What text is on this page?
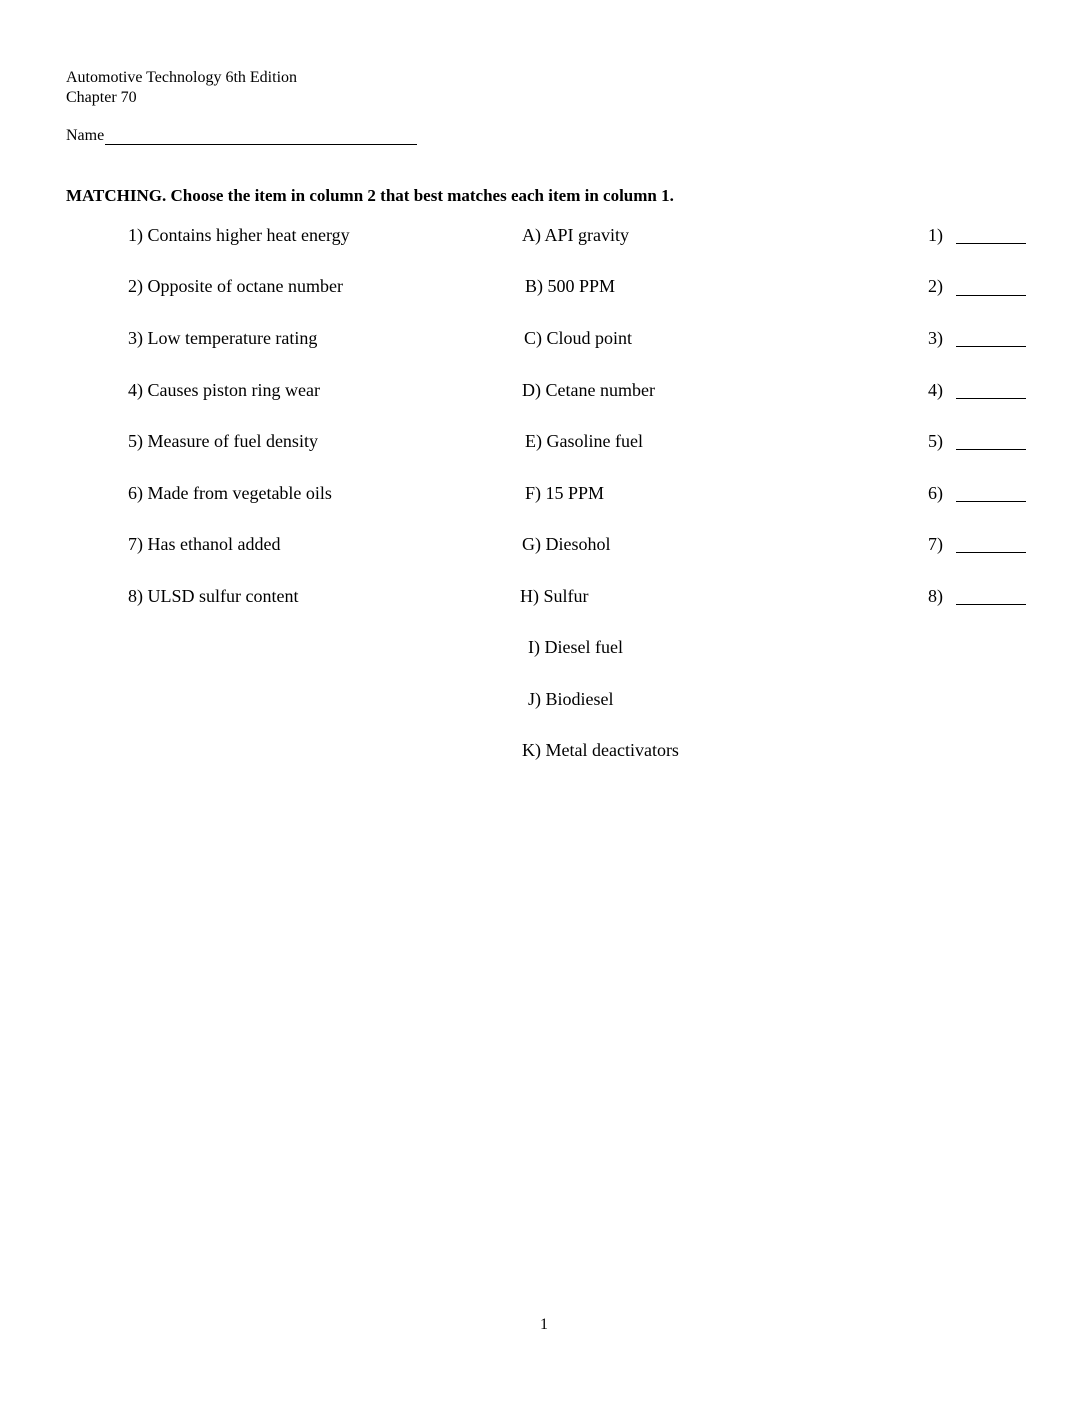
Automotive Technology 6th Edition
Chapter 70
Name
MATCHING. Choose the item in column 2 that best matches each item in column 1.
1) Contains higher heat energy
2) Opposite of octane number
3) Low temperature rating
4) Causes piston ring wear
5) Measure of fuel density
6) Made from vegetable oils
7) Has ethanol added
8) ULSD sulfur content
A) API gravity
B) 500 PPM
C) Cloud point
D) Cetane number
E) Gasoline fuel
F) 15 PPM
G) Diesohol
H) Sulfur
I) Diesel fuel
J) Biodiesel
K) Metal deactivators
1)
2)
3)
4)
5)
6)
7)
8)
1
